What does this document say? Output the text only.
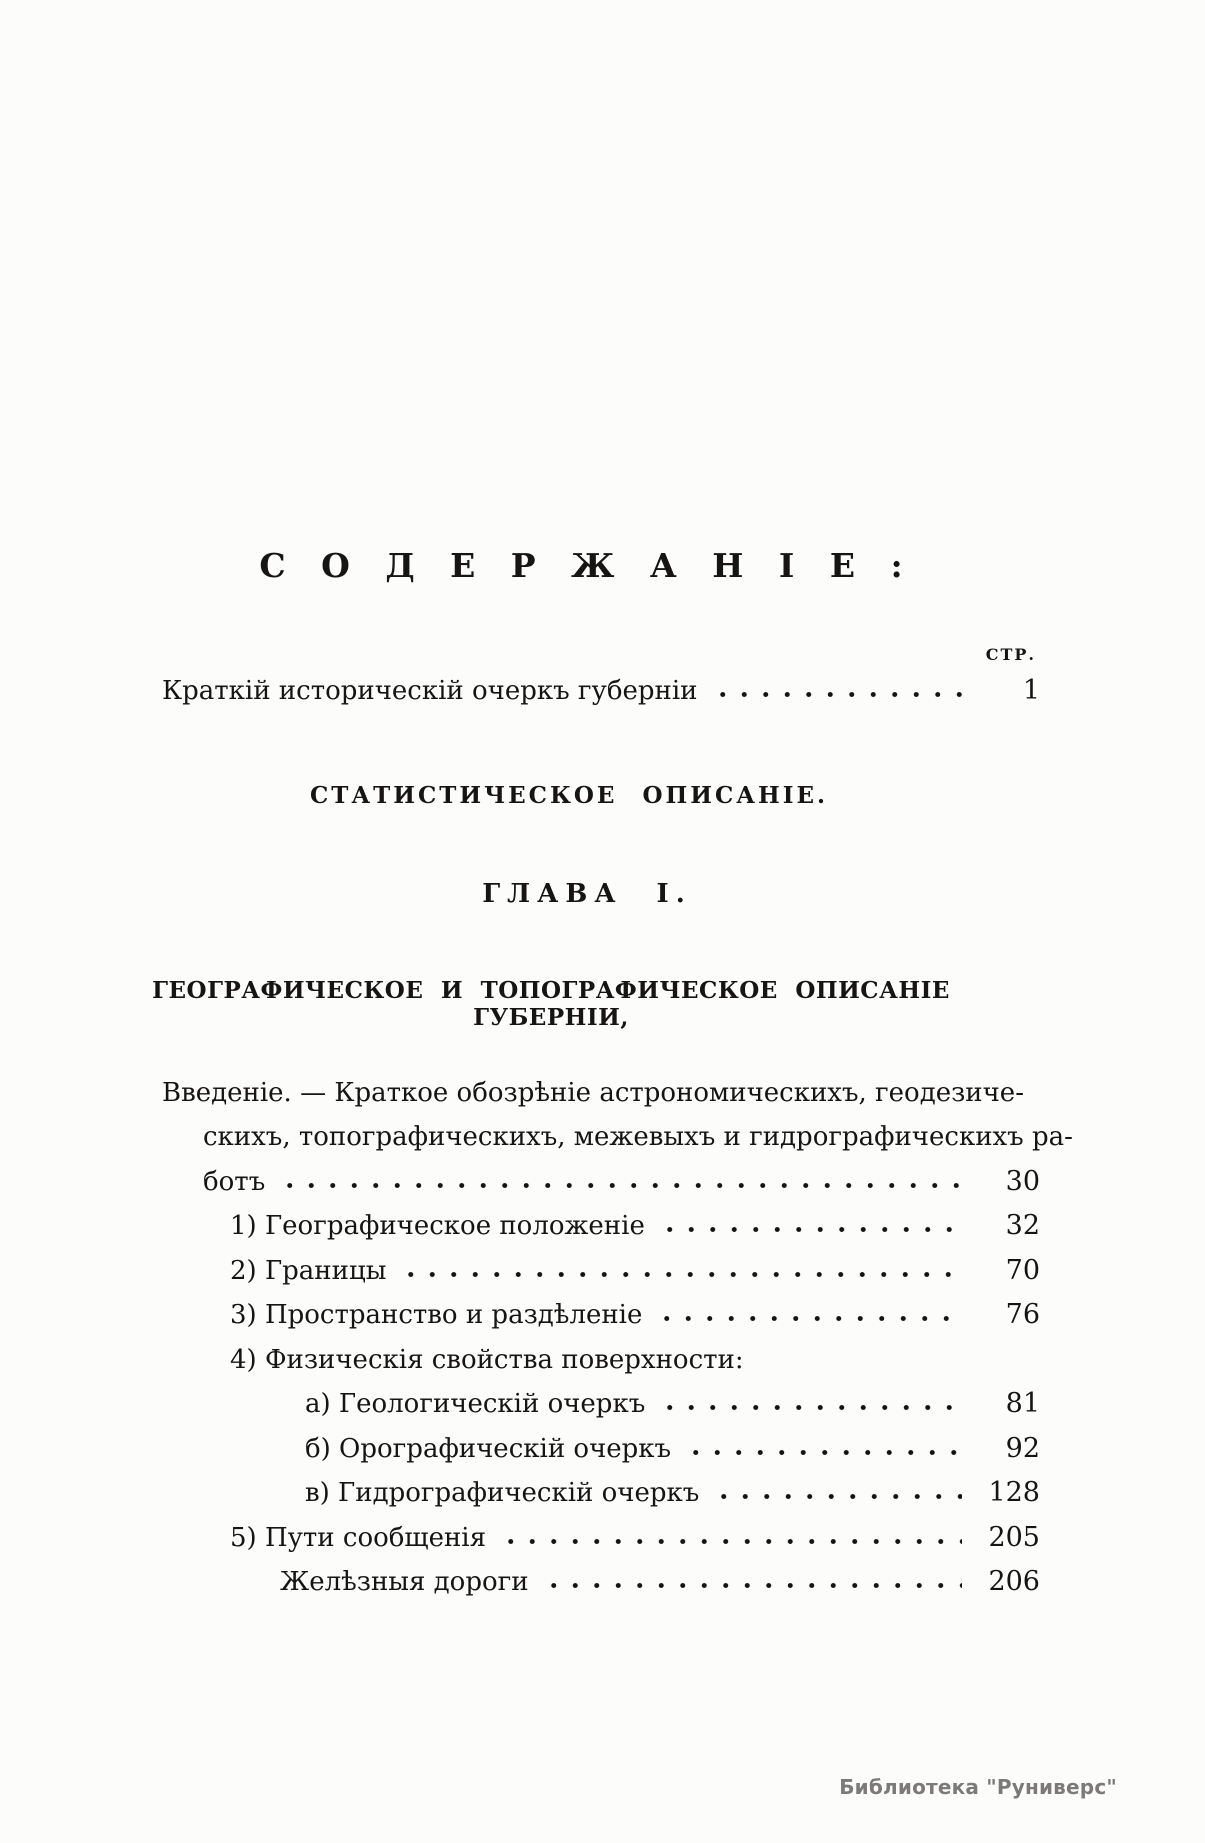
С О Д Е Р Ж А Н І Е :
СТР.
Краткій историческій очеркъ губерніи	1
СТАТИСТИЧЕСКОЕ ОПИСАНІЕ.
ГЛАВА I.
ГЕОГРАФИЧЕСКОЕ И ТОПОГРАФИЧЕСКОЕ ОПИСАНІЕ ГУБЕРНІИ,
Введеніе. — Краткое обозрѣніе астрономическихъ, геодезиче-
скихъ, топографическихъ, межевыхъ и гидрографическихъ ра-
ботъ	30
1) Географическое положеніе	32
2) Границы	70
3) Пространство и раздѣленіе	76
4) Физическія свойства поверхности:
а) Геологическій очеркъ	81
б) Орографическій очеркъ	92
в) Гидрографическій очеркъ	128
5) Пути сообщенія	205
Желѣзныя дороги	206
Библиотека "Руниверс"
